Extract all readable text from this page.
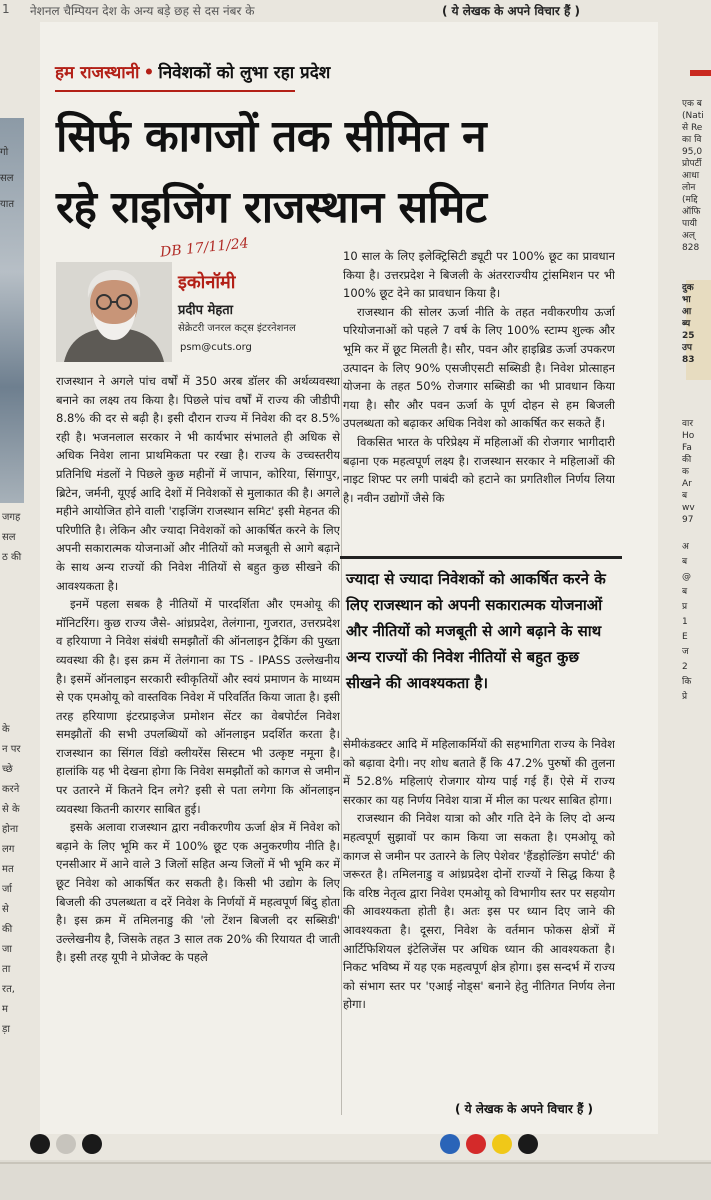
1 नेशनल चैम्पियन देश के अन्य बड़े छह से दस नंबर के	( ये लेखक के अपने विचार हैं )
जगह
सल
ठ की
के
न पर
च्छे
करने
से के
होना
लग
मत
र्जा
से
की
जा
ता
रत,
म
ड़ा
गो
सल
यात
हम राजस्थानी • निवेशकों को लुभा रहा प्रदेश
सिर्फ कागजों तक सीमित न
रहे राइजिंग राजस्थान समिट
DB 17/11/24
इकोनॉमी
प्रदीप मेहता
सेक्रेटरी जनरल कट्स इंटरनेशनल
psm@cuts.org

राजस्थान ने अगले पांच वर्षों में 350 अरब डॉलर की अर्थव्यवस्था बनाने का लक्ष्य तय किया है। पिछले पांच वर्षों में राज्य की जीडीपी 8.8% की दर से बढ़ी है। इसी दौरान राज्य में निवेश की दर 8.5% रही है। भजनलाल सरकार ने भी कार्यभार संभालते ही अधिक से अधिक निवेश लाना प्राथमिकता पर रखा है। राज्य के उच्चस्तरीय प्रतिनिधि मंडलों ने पिछले कुछ महीनों में जापान, कोरिया, सिंगापुर, ब्रिटेन, जर्मनी, यूएई आदि देशों में निवेशकों से मुलाकात की है। अगले महीने आयोजित होने वाली 'राइजिंग राजस्थान समिट' इसी मेहनत की परिणीति है। लेकिन और ज्यादा निवेशकों को आकर्षित करने के लिए अपनी सकारात्मक योजनाओं और नीतियों को मजबूती से आगे बढ़ाने के साथ अन्य राज्यों की निवेश नीतियों से बहुत कुछ सीखने की आवश्यकता है।

इनमें पहला सबक है नीतियों में पारदर्शिता और एमओयू की मॉनिटरिंग। कुछ राज्य जैसे- आंध्रप्रदेश, तेलंगाना, गुजरात, उत्तरप्रदेश व हरियाणा ने निवेश संबंधी समझौतों की ऑनलाइन ट्रैकिंग की पुख्ता व्यवस्था की है। इस क्रम में तेलंगाना का TS - IPASS उल्लेखनीय है। इसमें ऑनलाइन सरकारी स्वीकृतियों और स्वयं प्रमाणन के माध्यम से एक एमओयू को वास्तविक निवेश में परिवर्तित किया जाता है। इसी तरह हरियाणा इंटरप्राइजेज प्रमोशन सेंटर का वेबपोर्टल निवेश समझौतों की सभी उपलब्धियों को ऑनलाइन प्रदर्शित करता है। राजस्थान का सिंगल विंडो क्लीयरेंस सिस्टम भी उत्कृष्ट नमूना है। हालांकि यह भी देखना होगा कि निवेश समझौतों को कागज से जमीन पर उतारने में कितने दिन लगे? इसी से पता लगेगा कि ऑनलाइन व्यवस्था कितनी कारगर साबित हुई।

इसके अलावा राजस्थान द्वारा नवीकरणीय ऊर्जा क्षेत्र में निवेश को बढ़ाने के लिए भूमि कर में 100% छूट एक अनुकरणीय नीति है। एनसीआर में आने वाले 3 जिलों सहित अन्य जिलों में भी भूमि कर में छूट निवेश को आकर्षित कर सकती है। किसी भी उद्योग के लिए बिजली की उपलब्धता व दरें निवेश के निर्णयों में महत्वपूर्ण बिंदु होता है। इस क्रम में तमिलनाडु की 'लो टेंशन बिजली दर सब्सिडी' उल्लेखनीय है, जिसके तहत 3 साल तक 20% की रियायत दी जाती है। इसी तरह यूपी ने प्रोजेक्ट के पहले

10 साल के लिए इलेक्ट्रिसिटी ड्यूटी पर 100% छूट का प्रावधान किया है। उत्तरप्रदेश ने बिजली के अंतरराज्यीय ट्रांसमिशन पर भी 100% छूट देने का प्रावधान किया है।

राजस्थान की सोलर ऊर्जा नीति के तहत नवीकरणीय ऊर्जा परियोजनाओं को पहले 7 वर्ष के लिए 100% स्टाम्प शुल्क और भूमि कर में छूट मिलती है। सौर, पवन और हाइब्रिड ऊर्जा उपकरण उत्पादन के लिए 90% एसजीएसटी सब्सिडी है। निवेश प्रोत्साहन योजना के तहत 50% रोजगार सब्सिडी का भी प्रावधान किया गया है। सौर और पवन ऊर्जा के पूर्ण दोहन से हम बिजली उपलब्धता को बढ़ाकर अधिक निवेश को आकर्षित कर सकते हैं।

विकसित भारत के परिप्रेक्ष्य में महिलाओं की रोजगार भागीदारी बढ़ाना एक महत्वपूर्ण लक्ष्य है। राजस्थान सरकार ने महिलाओं की नाइट शिफ्ट पर लगी पाबंदी को हटाने का प्रगतिशील निर्णय लिया है। नवीन उद्योगों जैसे कि

ज्यादा से ज्यादा निवेशकों को आकर्षित करने के लिए राजस्थान को अपनी सकारात्मक योजनाओं और नीतियों को मजबूती से आगे बढ़ाने के साथ अन्य राज्यों की निवेश नीतियों से बहुत कुछ सीखने की आवश्यकता है।

सेमीकंडक्टर आदि में महिलाकर्मियों की सहभागिता राज्य के निवेश को बढ़ावा देगी। नए शोध बताते हैं कि 47.2% पुरुषों की तुलना में 52.8% महिलाएं रोजगार योग्य पाई गई हैं। ऐसे में राज्य सरकार का यह निर्णय निवेश यात्रा में मील का पत्थर साबित होगा।

राजस्थान की निवेश यात्रा को और गति देने के लिए दो अन्य महत्वपूर्ण सुझावों पर काम किया जा सकता है। एमओयू को कागज से जमीन पर उतारने के लिए पेशेवर 'हैंडहोल्डिंग सपोर्ट' की जरूरत है। तमिलनाडु व आंध्रप्रदेश दोनों राज्यों ने सिद्ध किया है कि वरिष्ठ नेतृत्व द्वारा निवेश एमओयू को विभागीय स्तर पर सहयोग की आवश्यकता होती है। अतः इस पर ध्यान दिए जाने की आवश्यकता है। दूसरा, निवेश के वर्तमान फोकस क्षेत्रों में आर्टिफिशियल इंटेलिजेंस पर अधिक ध्यान की आवश्यकता है। निकट भविष्य में यह एक महत्वपूर्ण क्षेत्र होगा। इस सन्दर्भ में राज्य को संभाग स्तर पर 'एआई नोड्स' बनाने हेतु नीतिगत निर्णय लेना होगा।

( ये लेखक के अपने विचार हैं )
एक ब
(Nati
से Re
का वि
95,0
प्रोपर्टी
आधा
लोन
(मद्दि
ऑफि
पायी
अल्
828
दुक
भा
आ
ब्य
25
उप
83
वार
Ho
Fa
की
क
Ar
ब
wv
97
अ
ब
@
ब
प्र
1
E
ज
2
कि
प्रे
